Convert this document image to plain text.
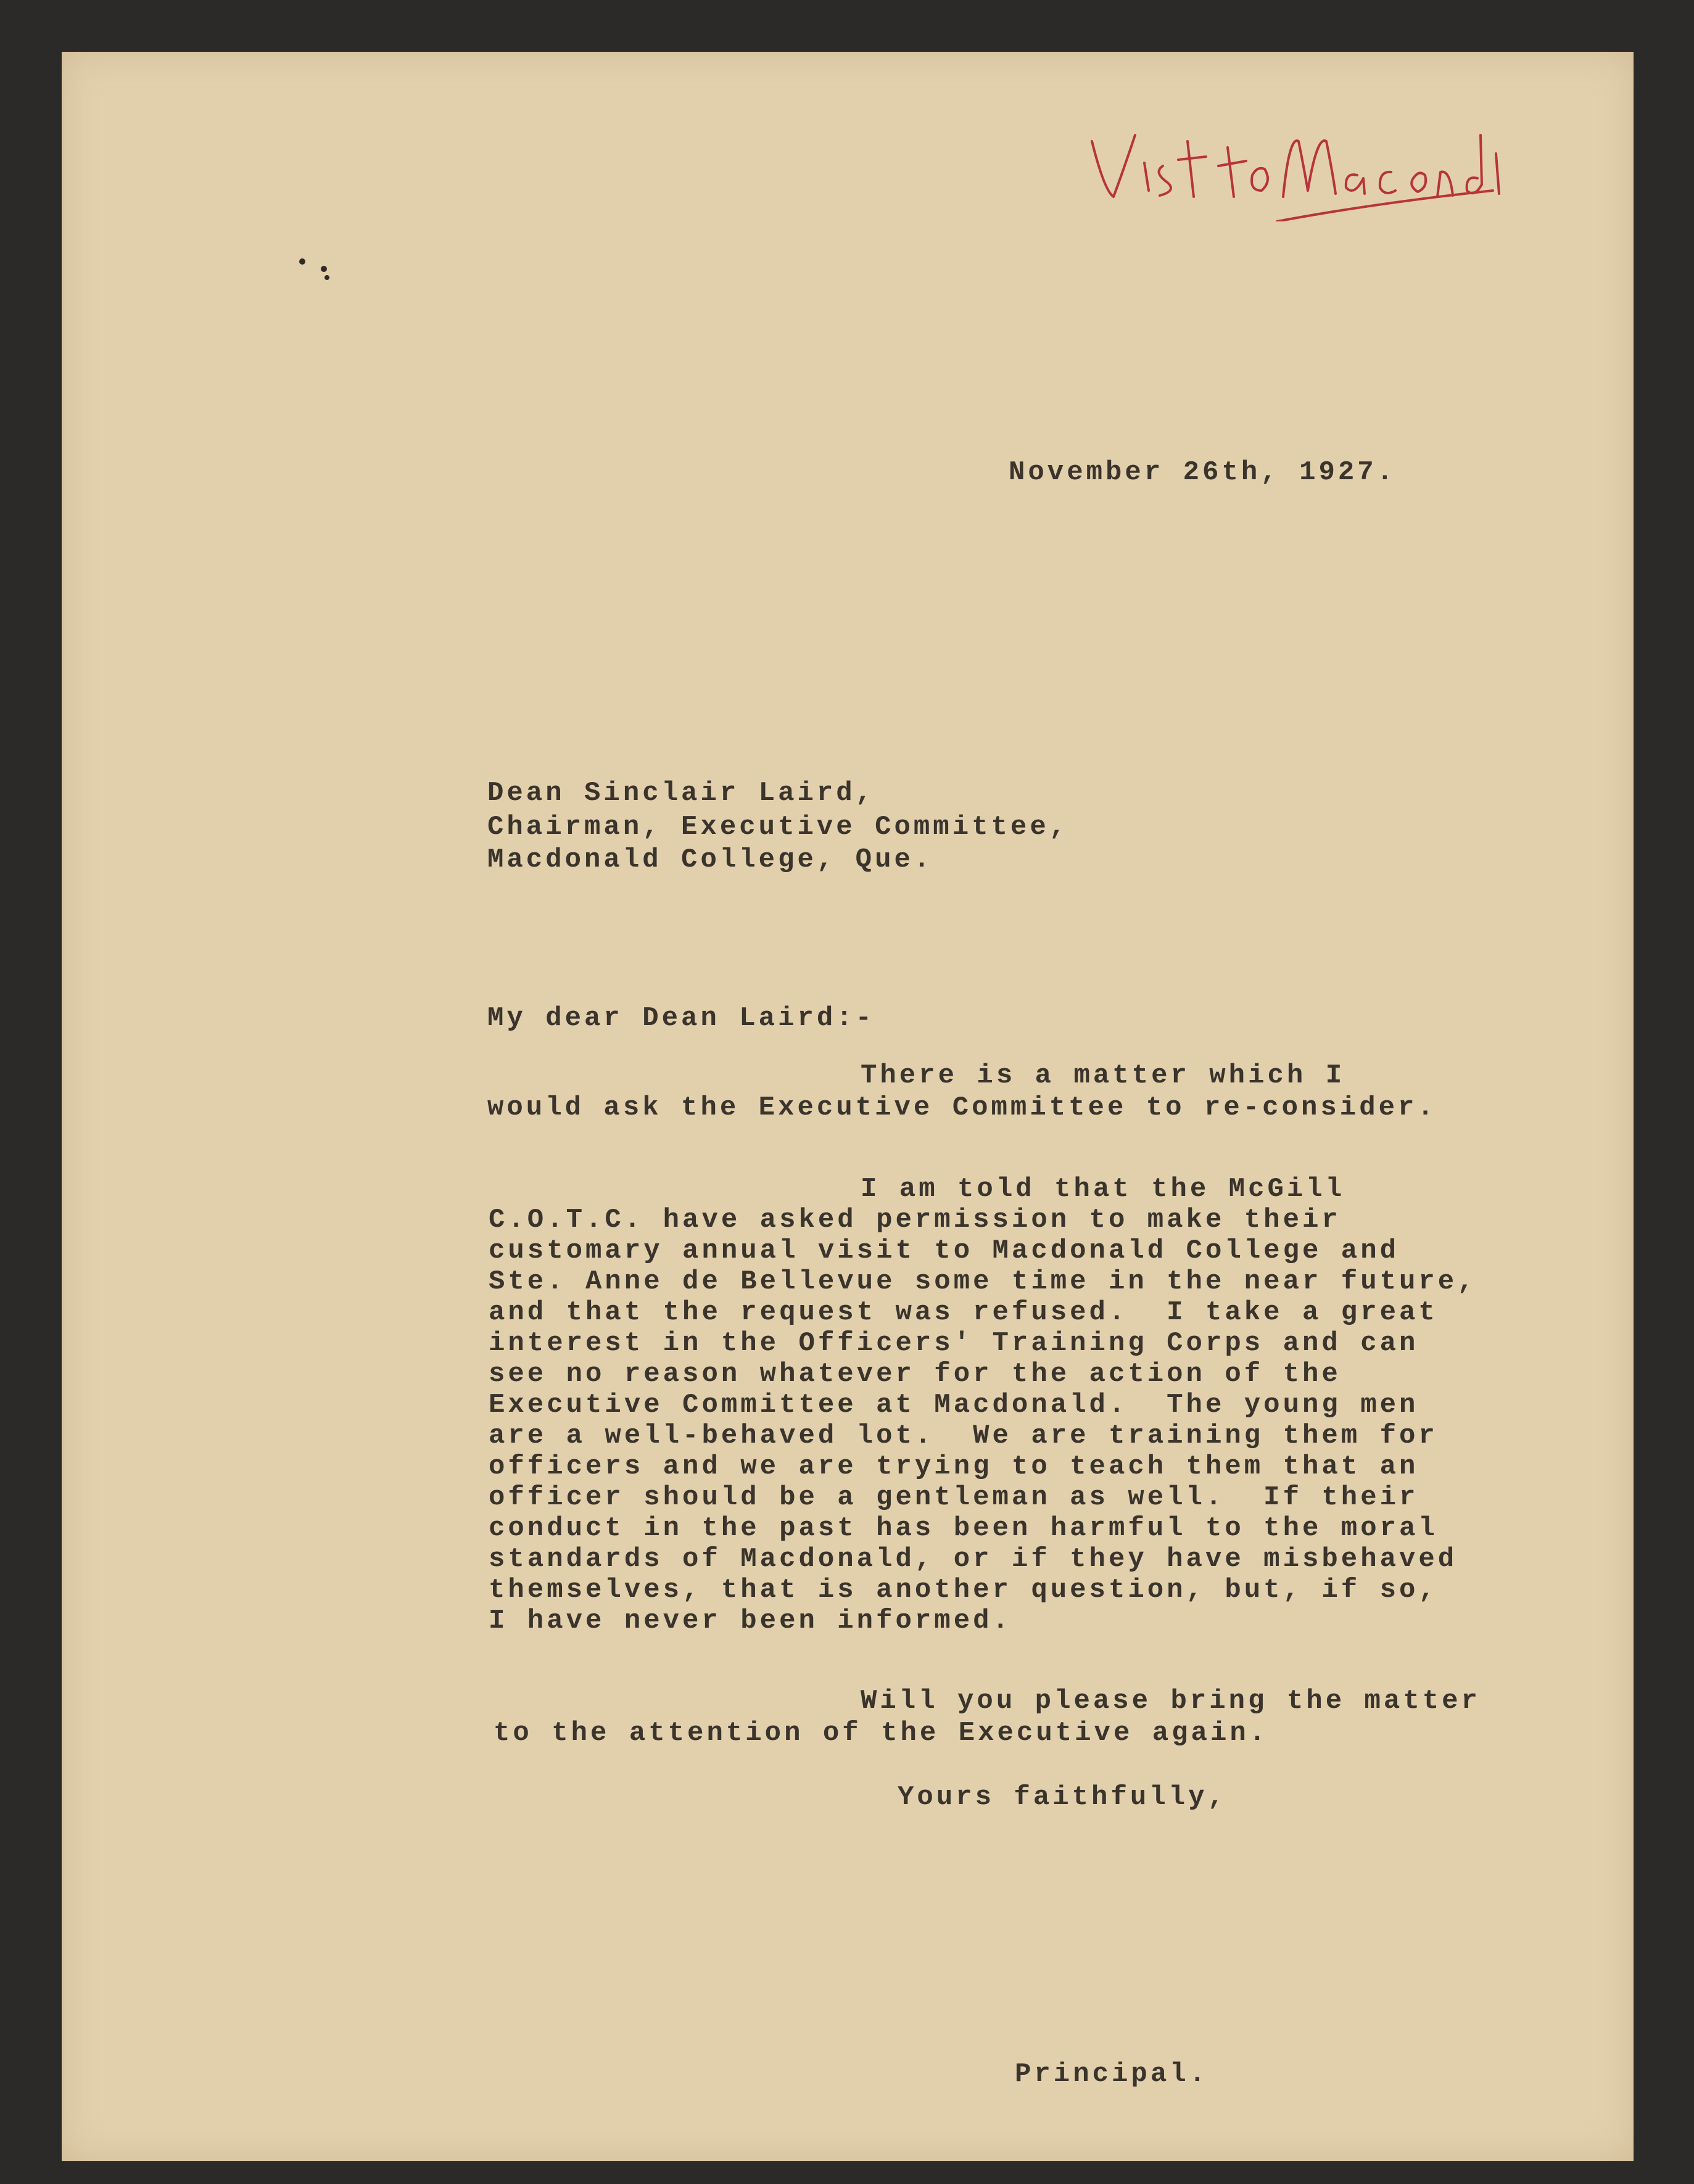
November 26th, 1927.
Dean Sinclair Laird,
Chairman, Executive Committee,
Macdonald College, Que.
My dear Dean Laird:-
There is a matter which I
would ask the Executive Committee to re-consider.
I am told that the McGill
C.O.T.C. have asked permission to make their
customary annual visit to Macdonald College and
Ste. Anne de Bellevue some time in the near future,
and that the request was refused.  I take a great
interest in the Officers' Training Corps and can
see no reason whatever for the action of the
Executive Committee at Macdonald.  The young men
are a well-behaved lot.  We are training them for
officers and we are trying to teach them that an
officer should be a gentleman as well.  If their
conduct in the past has been harmful to the moral
standards of Macdonald, or if they have misbehaved
themselves, that is another question, but, if so,
I have never been informed.
Will you please bring the matter
to the attention of the Executive again.
Yours faithfully,
Principal.
